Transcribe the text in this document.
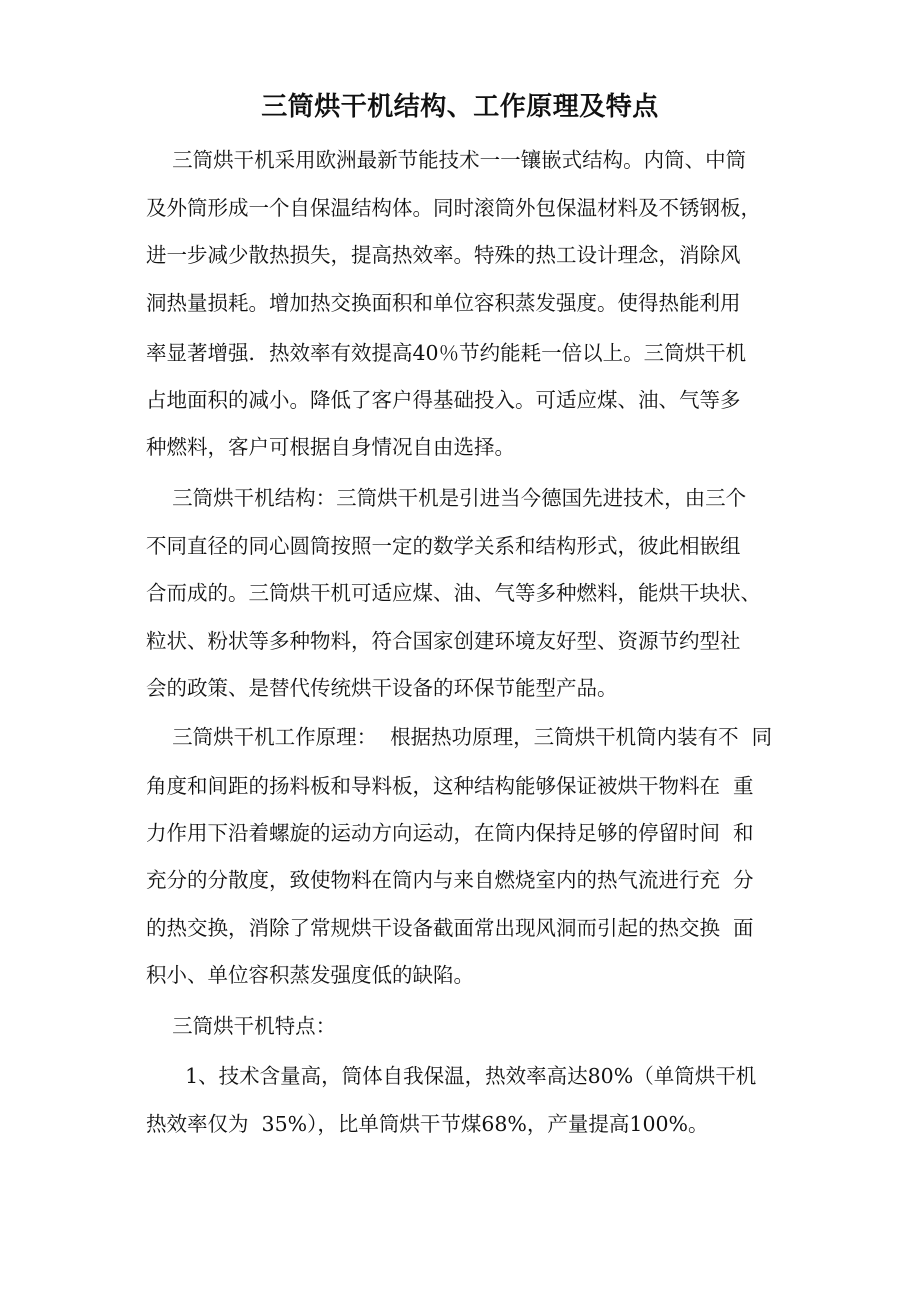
三筒烘干机结构、工作原理及特点

三筒烘干机采用欧洲最新节能技术一一镶嵌式结构。内筒、中筒

及外筒形成一个自保温结构体。同时滚筒外包保温材料及不锈钢板，

进一步减少散热损失，提高热效率。特殊的热工设计理念，消除风

洞热量损耗。增加热交换面积和单位容积蒸发强度。使得热能利用

率显著增强．热效率有效提高40％节约能耗一倍以上。三筒烘干机

占地面积的减小。降低了客户得基础投入。可适应煤、油、气等多

种燃料，客户可根据自身情况自由选择。

三筒烘干机结构：三筒烘干机是引进当今德国先进技术，由三个

不同直径的同心圆筒按照一定的数学关系和结构形式，彼此相嵌组

合而成的。三筒烘干机可适应煤、油、气等多种燃料，能烘干块状、

粒状、粉状等多种物料，符合国家创建环境友好型、资源节约型社

会的政策、是替代传统烘干设备的环保节能型产品。

三筒烘干机工作原理：  根据热功原理，三筒烘干机筒内装有不  同

角度和间距的扬料板和导料板，这种结构能够保证被烘干物料在  重

力作用下沿着螺旋的运动方向运动，在筒内保持足够的停留时间  和

充分的分散度，致使物料在筒内与来自燃烧室内的热气流进行充  分

的热交换，消除了常规烘干设备截面常出现风洞而引起的热交换  面

积小、单位容积蒸发强度低的缺陷。

三筒烘干机特点：

1、技术含量高，筒体自我保温，热效率高达80%（单筒烘干机

热效率仅为  35%），比单筒烘干节煤68%，产量提高100%。
